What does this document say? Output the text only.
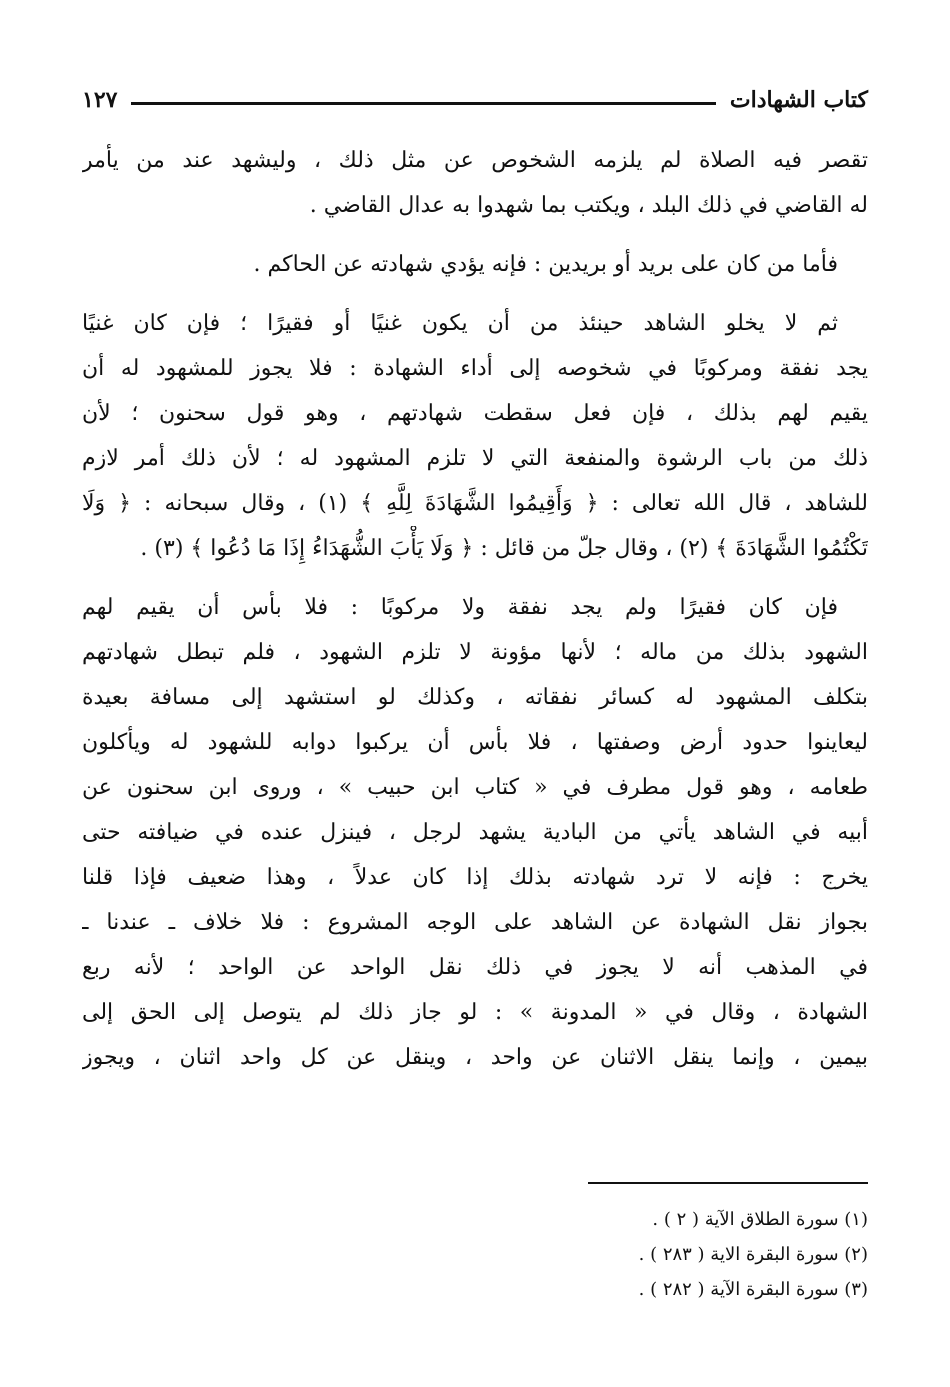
كتاب الشهادات
١٢٧
تقصر فيه الصلاة لم يلزمه الشخوص عن مثل ذلك ، وليشهد عند من يأمر
له القاضي في ذلك البلد ، ويكتب بما شهدوا به عدال القاضي .
فأما من كان على بريد أو بريدين : فإنه يؤدي شهادته عن الحاكم .
ثم لا يخلو الشاهد حينئذ من أن يكون غنيًا أو فقيرًا ؛ فإن كان غنيًا
يجد نفقة ومركوبًا في شخوصه إلى أداء الشهادة : فلا يجوز للمشهود له أن
يقيم لهم بذلك ، فإن فعل سقطت شهادتهم ، وهو قول سحنون ؛ لأن
ذلك من باب الرشوة والمنفعة التي لا تلزم المشهود له ؛ لأن ذلك أمر لازم
للشاهد ، قال الله تعالى : ﴿ وَأَقِيمُوا الشَّهَادَةَ لِلَّهِ ﴾ (١) ، وقال سبحانه : ﴿ وَلَا
تَكْتُمُوا الشَّهَادَةَ ﴾ (٢) ، وقال جلّ من قائل : ﴿ وَلَا يَأْبَ الشُّهَدَاءُ إِذَا مَا دُعُوا ﴾ (٣) .
فإن كان فقيرًا ولم يجد نفقة ولا مركوبًا : فلا بأس أن يقيم لهم
الشهود بذلك من ماله ؛ لأنها مؤونة لا تلزم الشهود ، فلم تبطل شهادتهم
بتكلف المشهود له كسائر نفقاته ، وكذلك لو استشهد إلى مسافة بعيدة
ليعاينوا حدود أرض وصفتها ، فلا بأس أن يركبوا دوابه للشهود له ويأكلون
طعامه ، وهو قول مطرف في « كتاب ابن حبيب » ، وروى ابن سحنون عن
أبيه في الشاهد يأتي من البادية يشهد لرجل ، فينزل عنده في ضيافته حتى
يخرج : فإنه لا ترد شهادته بذلك إذا كان عدلاً ، وهذا ضعيف فإذا قلنا
بجواز نقل الشهادة عن الشاهد على الوجه المشروع : فلا خلاف ـ عندنا ـ
في المذهب أنه لا يجوز في ذلك نقل الواحد عن الواحد ؛ لأنه ربع
الشهادة ، وقال في « المدونة » : لو جاز ذلك لم يتوصل إلى الحق إلى
بيمين ، وإنما ينقل الاثنان عن واحد ، وينقل عن كل واحد اثنان ، ويجوز
(١) سورة الطلاق الآية ( ٢ ) .
(٢) سورة البقرة الاية ( ٢٨٣ ) .
(٣) سورة البقرة الآية ( ٢٨٢ ) .
